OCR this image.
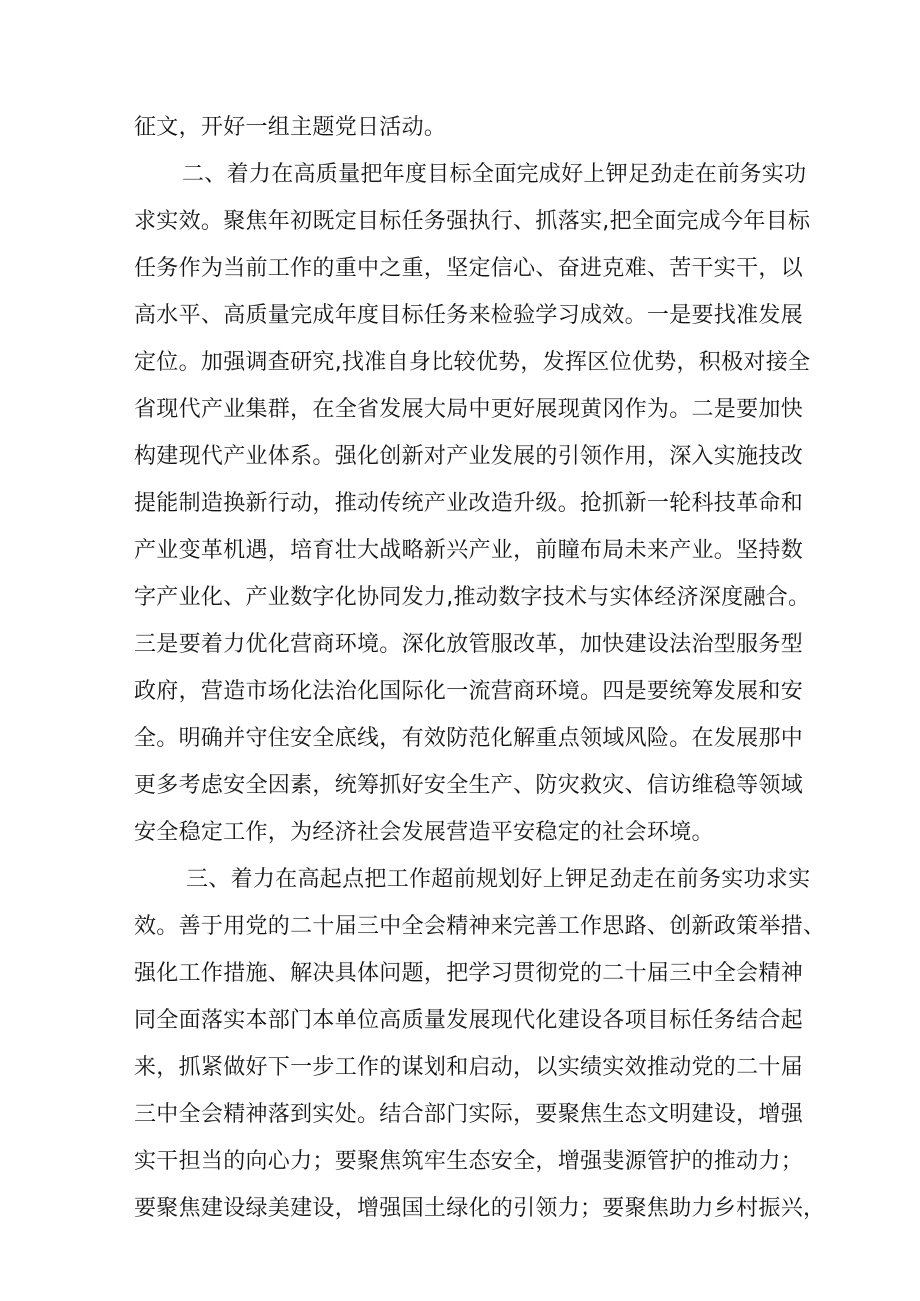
征文，开好一组主题党日活动。
二、着力在高质量把年度目标全面完成好上钾足劲走在前务实功
求实效。聚焦年初既定目标任务强执行、抓落实,把全面完成今年目标
任务作为当前工作的重中之重，坚定信心、奋进克难、苦干实干，以
高水平、高质量完成年度目标任务来检验学习成效。一是要找准发展
定位。加强调查研究,找准自身比较优势，发挥区位优势，积极对接全
省现代产业集群，在全省发展大局中更好展现黄冈作为。二是要加快
构建现代产业体系。强化创新对产业发展的引领作用，深入实施技改
提能制造换新行动，推动传统产业改造升级。抢抓新一轮科技革命和
产业变革机遇，培育壮大战略新兴产业，前瞳布局未来产业。坚持数
字产业化、产业数字化协同发力,推动数字技术与实体经济深度融合。
三是要着力优化营商环境。深化放管服改革，加快建设法治型服务型
政府，营造市场化法治化国际化一流营商环境。四是要统筹发展和安
全。明确并守住安全底线，有效防范化解重点领域风险。在发展那中
更多考虑安全因素，统筹抓好安全生产、防灾救灾、信访维稳等领域
安全稳定工作，为经济社会发展营造平安稳定的社会环境。
三、着力在高起点把工作超前规划好上钾足劲走在前务实功求实
效。善于用党的二十届三中全会精神来完善工作思路、创新政策举措、
强化工作措施、解决具体问题，把学习贯彻党的二十届三中全会精神
同全面落实本部门本单位高质量发展现代化建设各项目标任务结合起
来，抓紧做好下一步工作的谋划和启动，以实绩实效推动党的二十届
三中全会精神落到实处。结合部门实际，要聚焦生态文明建设，增强
实干担当的向心力；要聚焦筑牢生态安全，增强斐源管护的推动力；
要聚焦建设绿美建设，增强国土绿化的引领力；要聚焦助力乡村振兴，
